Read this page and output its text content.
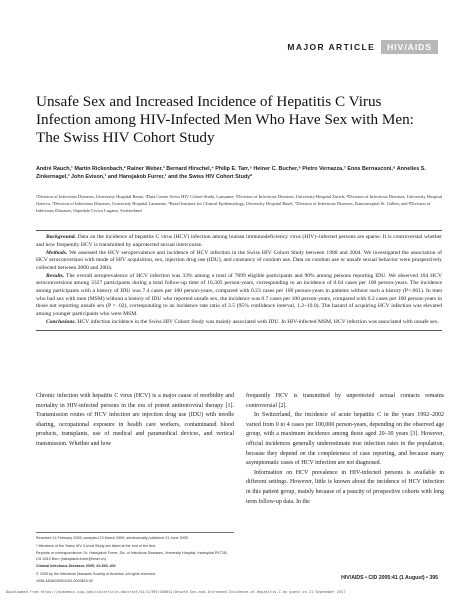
MAJOR ARTICLE	HIV/AIDS
Unsafe Sex and Increased Incidence of Hepatitis C Virus Infection among HIV-Infected Men Who Have Sex with Men: The Swiss HIV Cohort Study
André Rauch,¹ Martin Rickenbach,² Rainer Weber,³ Bernard Hirschel,⁴ Philip E. Tarr,⁵ Heiner C. Bucher,⁶ Pietro Vernazza,⁷ Enos Bernasconi,⁸ Annelies S. Zinkernagel,³ John Evison,¹ and Hansjakob Furrer,¹ and the Swiss HIV Cohort Study*
¹Division of Infectious Diseases, University Hospital Berne, ²Data Center Swiss HIV Cohort Study, Lausanne, ³Division of Infectious Diseases, University Hospital Zurich, ⁴Division of Infectious Diseases, University Hospital Geneva, ⁵Division of Infectious Diseases, University Hospital Lausanne, ⁶Basel Institute for Clinical Epidemiology, University Hospital Basel, ⁷Division of Infectious Diseases, Kantonsspital St. Gallen, and ⁸Division of Infectious Diseases, Ospedale Civico Lugano, Switzerland

Background. Data on the incidence of hepatitis C virus (HCV) infection among human immunodeficiency virus (HIV)–infected persons are sparse. It is controversial whether and how frequently HCV is transmitted by unprotected sexual intercourse.

Methods. We assessed the HCV seroprevalence and incidence of HCV infection in the Swiss HIV Cohort Study between 1988 and 2004. We investigated the association of HCV seroconversion with mode of HIV acquisition, sex, injection drug use (IDU), and constancy of condom use. Data on condom use or unsafe sexual behavior were prospectively collected between 2000 and 2004.

Results. The overall seroprevalence of HCV infection was 33% among a total of 7899 eligible participants and 90% among persons reporting IDU. We observed 104 HCV seroconversions among 3327 participants during a total follow-up time of 16,305 person-years, corresponding to an incidence of 0.64 cases per 100 person-years. The incidence among participants with a history of IDU was 7.4 cases per 100 person-years, compared with 0.23 cases per 100 person-years in patients without such a history (P<.001). In men who had sex with men (MSM) without a history of IDU who reported unsafe sex, the incidence was 0.7 cases per 100 person-years, compared with 0.2 cases per 100 person-years in those not reporting unsafe sex (P = .02), corresponding to an incidence rate ratio of 3.5 (95% confidence interval, 1.2–10.0). The hazard of acquiring HCV infection was elevated among younger participants who were MSM.

Conclusions. HCV infection incidence in the Swiss HIV Cohort Study was mainly associated with IDU. In HIV-infected MSM, HCV infection was associated with unsafe sex.

Chronic infection with hepatitis C virus (HCV) is a major cause of morbidity and mortality in HIV-infected persons in the era of potent antiretroviral therapy [1]. Transmission routes of HCV infection are injection drug use (IDU) with needle sharing, occupational exposure in health care workers, contaminated blood products, transplants, use of medical and paramedical devices, and vertical transmission. Whether and how

frequently HCV is transmitted by unprotected sexual contacts remains controversial [2].

In Switzerland, the incidence of acute hepatitis C in the years 1992–2002 varied from 0 to 4 cases per 100,000 person-years, depending on the observed age group, with a maximum incidence among those aged 20–30 years [3]. However, official incidences generally underestimate true infection rates in the population, because they depend on the completeness of case reporting, and because many asymptomatic cases of HCV infection are not diagnosed.

Information on HCV prevalence in HIV-infected persons is available in different settings. However, little is known about the incidence of HCV infection in this patient group, mainly because of a paucity of prospective cohorts with long term follow-up data. In the

Received 14 February 2005; accepted 23 March 2005; electronically published 21 June 2005.

* Members of the Swiss HIV Cohort Study are listed at the end of the text.

Reprints or correspondence: Dr. Hansjakob Furrer, Div. of Infectious Diseases, University Hospital, Inselspital PKT2B, CH-3010 Bern (hansjakob.furrer@insel.ch).

Clinical Infectious Diseases 2005; 41:395–402

© 2005 by the Infectious Diseases Society of America. All rights reserved.

1058-4838/2005/4103-0020$15.00	HIV/AIDS • CID 2005:41 (1 August) • 395
Downloaded from https://academic.oup.com/cid/article-abstract/41/3/395/346642/Unsafe-Sex-and-Increased-Incidence-of-Hepatitis-C by guest on 21 September 2017
